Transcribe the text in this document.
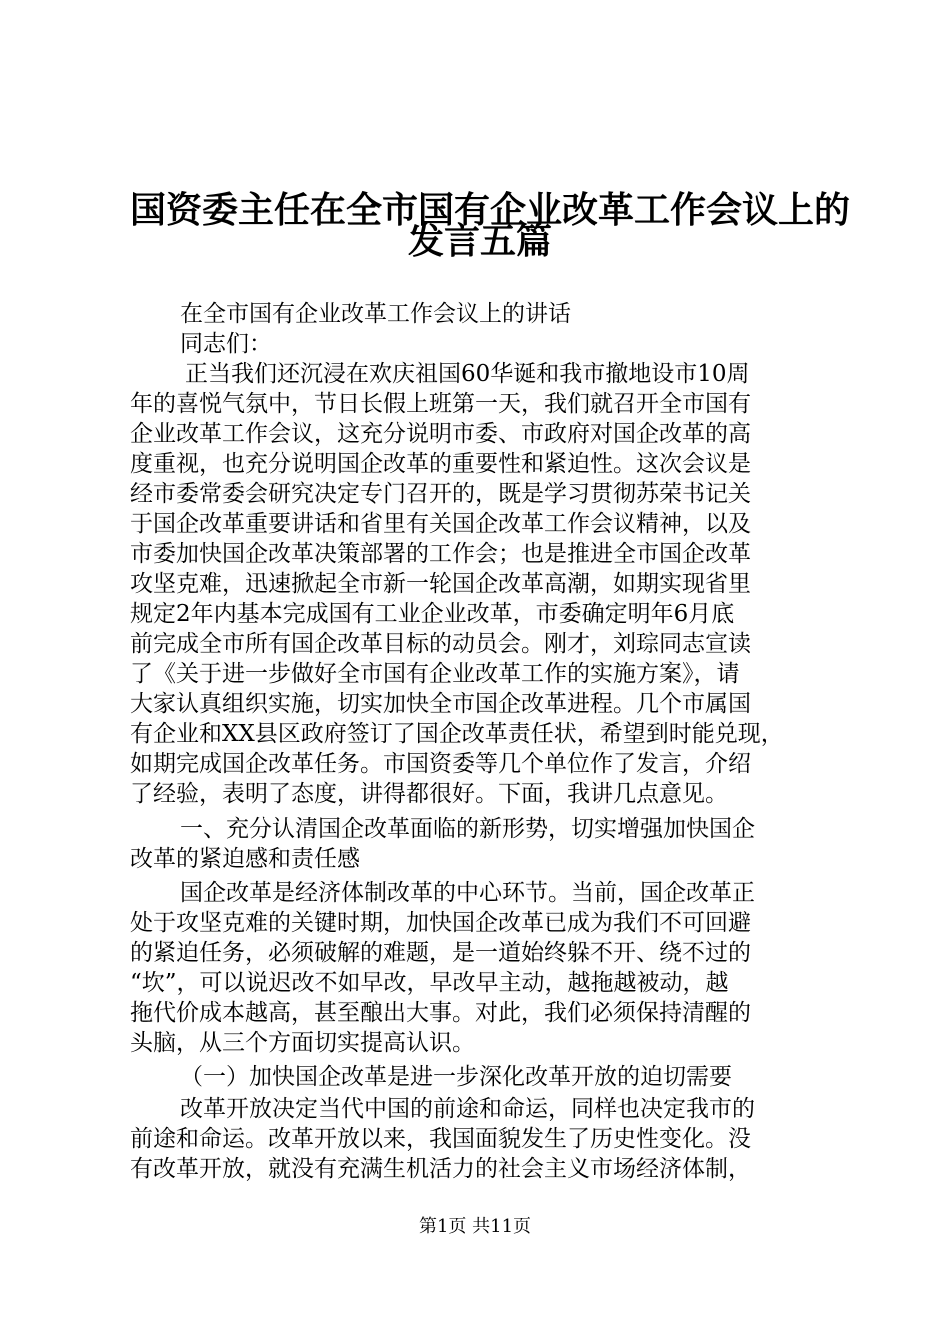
国资委主任在全市国有企业改革工作会议上的
发言五篇
在全市国有企业改革工作会议上的讲话
同志们：
正当我们还沉浸在欢庆祖国60华诞和我市撤地设市10周
年的喜悦气氛中，节日长假上班第一天，我们就召开全市国有
企业改革工作会议，这充分说明市委、市政府对国企改革的高
度重视，也充分说明国企改革的重要性和紧迫性。这次会议是
经市委常委会研究决定专门召开的，既是学习贯彻苏荣书记关
于国企改革重要讲话和省里有关国企改革工作会议精神，以及
市委加快国企改革决策部署的工作会；也是推进全市国企改革
攻坚克难，迅速掀起全市新一轮国企改革高潮，如期实现省里
规定2年内基本完成国有工业企业改革，市委确定明年6月底
前完成全市所有国企改革目标的动员会。刚才，刘琮同志宣读
了《关于进一步做好全市国有企业改革工作的实施方案》，请
大家认真组织实施，切实加快全市国企改革进程。几个市属国
有企业和XX县区政府签订了国企改革责任状，希望到时能兑现，
如期完成国企改革任务。市国资委等几个单位作了发言，介绍
了经验，表明了态度，讲得都很好。下面，我讲几点意见。
一、充分认清国企改革面临的新形势，切实增强加快国企
改革的紧迫感和责任感
国企改革是经济体制改革的中心环节。当前，国企改革正
处于攻坚克难的关键时期，加快国企改革已成为我们不可回避
的紧迫任务，必须破解的难题，是一道始终躲不开、绕不过的
“坎”，可以说迟改不如早改，早改早主动，越拖越被动，越
拖代价成本越高，甚至酿出大事。对此，我们必须保持清醒的
头脑，从三个方面切实提高认识。
（一）加快国企改革是进一步深化改革开放的迫切需要
改革开放决定当代中国的前途和命运，同样也决定我市的
前途和命运。改革开放以来，我国面貌发生了历史性变化。没
有改革开放，就没有充满生机活力的社会主义市场经济体制，
第1页 共11页
